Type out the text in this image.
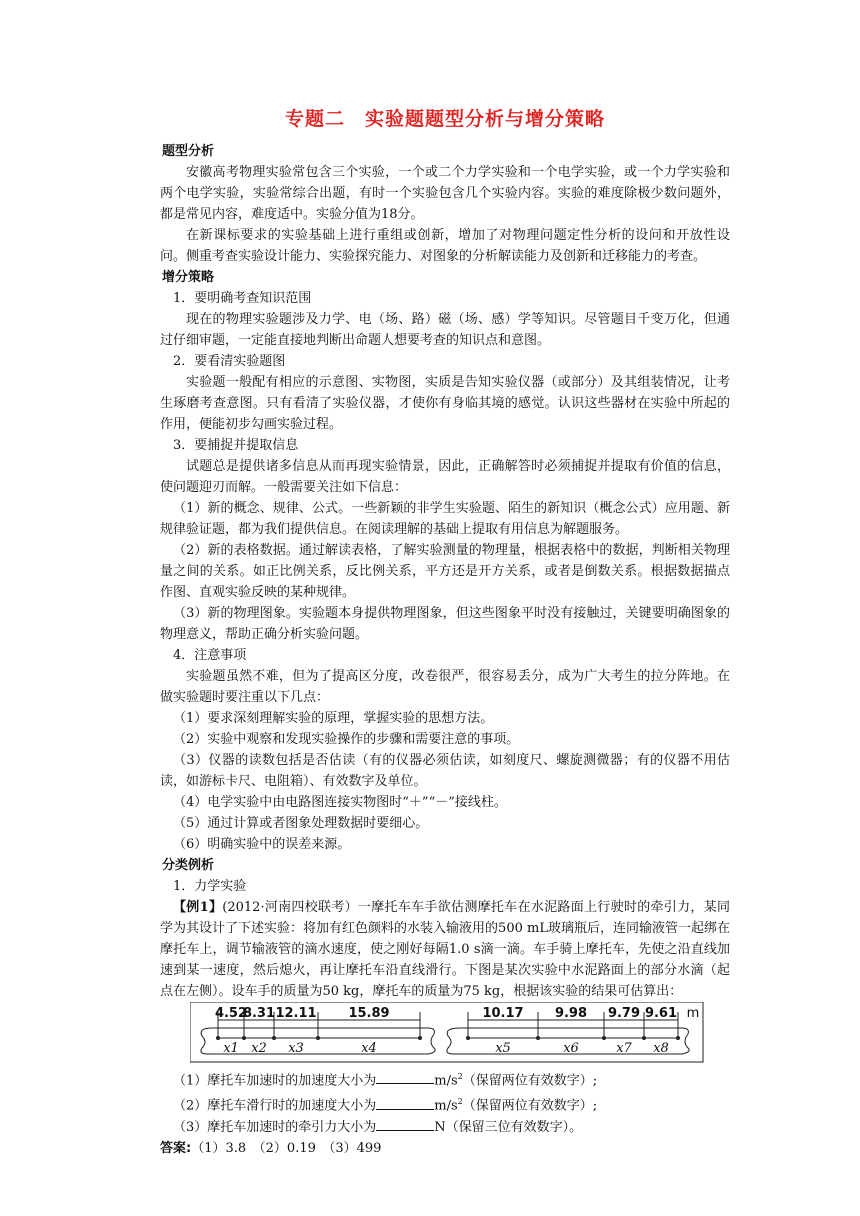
专题二　实验题题型分析与增分策略
题型分析

安徽高考物理实验常包含三个实验，一个或二个力学实验和一个电学实验，或一个力学实验和两个电学实验，实验常综合出题，有时一个实验包含几个实验内容。实验的难度除极少数问题外，都是常见内容，难度适中。实验分值为18分。

在新课标要求的实验基础上进行重组或创新，增加了对物理问题定性分析的设问和开放性设问。侧重考查实验设计能力、实验探究能力、对图象的分析解读能力及创新和迁移能力的考查。

增分策略

1．要明确考查知识范围

现在的物理实验题涉及力学、电（场、路）磁（场、感）学等知识。尽管题目千变万化，但通过仔细审题，一定能直接地判断出命题人想要考查的知识点和意图。

2．要看清实验题图

实验题一般配有相应的示意图、实物图，实质是告知实验仪器（或部分）及其组装情况，让考生琢磨考查意图。只有看清了实验仪器，才使你有身临其境的感觉。认识这些器材在实验中所起的作用，便能初步勾画实验过程。

3．要捕捉并提取信息

试题总是提供诸多信息从而再现实验情景，因此，正确解答时必须捕捉并提取有价值的信息，使问题迎刃而解。一般需要关注如下信息：

（1）新的概念、规律、公式。一些新颖的非学生实验题、陌生的新知识（概念公式）应用题、新规律验证题，都为我们提供信息。在阅读理解的基础上提取有用信息为解题服务。

（2）新的表格数据。通过解读表格，了解实验测量的物理量，根据表格中的数据，判断相关物理量之间的关系。如正比例关系，反比例关系，平方还是开方关系，或者是倒数关系。根据数据描点作图、直观实验反映的某种规律。

（3）新的物理图象。实验题本身提供物理图象，但这些图象平时没有接触过，关键要明确图象的物理意义，帮助正确分析实验问题。

4．注意事项

实验题虽然不难，但为了提高区分度，改卷很严，很容易丢分，成为广大考生的拉分阵地。在做实验题时要注重以下几点：

（1）要求深刻理解实验的原理，掌握实验的思想方法。

（2）实验中观察和发现实验操作的步骤和需要注意的事项。

（3）仪器的读数包括是否估读（有的仪器必须估读，如刻度尺、螺旋测微器；有的仪器不用估读，如游标卡尺、电阻箱）、有效数字及单位。

（4）电学实验中由电路图连接实物图时“＋”“－”接线柱。

（5）通过计算或者图象处理数据时要细心。

（6）明确实验中的误差来源。

分类例析

1．力学实验

【例1】(2012·河南四校联考）一摩托车车手欲估测摩托车在水泥路面上行驶时的牵引力，某同学为其设计了下述实验：将加有红色颜料的水装入输液用的500 mL玻璃瓶后，连同输液管一起绑在摩托车上，调节输液管的滴水速度，使之刚好每隔1.0 s滴一滴。车手骑上摩托车，先使之沿直线加速到某一速度，然后熄火，再让摩托车沿直线滑行。下图是某次实验中水泥路面上的部分水滴（起点在左侧）。设车手的质量为50 kg，摩托车的质量为75 kg，根据该实验的结果可估算出：

4.52
8.31 12.11 15.89	10.17 9.98 9.79 9.61 m
x1 x2 x3	x4	x5	x6	x7 x8

（1）摩托车加速时的加速度大小为	$m/s^2$（保留两位有效数字）;

（2）摩托车滑行时的加速度大小为	$m/s^2$（保留两位有效数字）;

（3）摩托车加速时的牵引力大小为	N（保留三位有效数字）。

答案:（1）3.8　（2）0.19　（3）499
